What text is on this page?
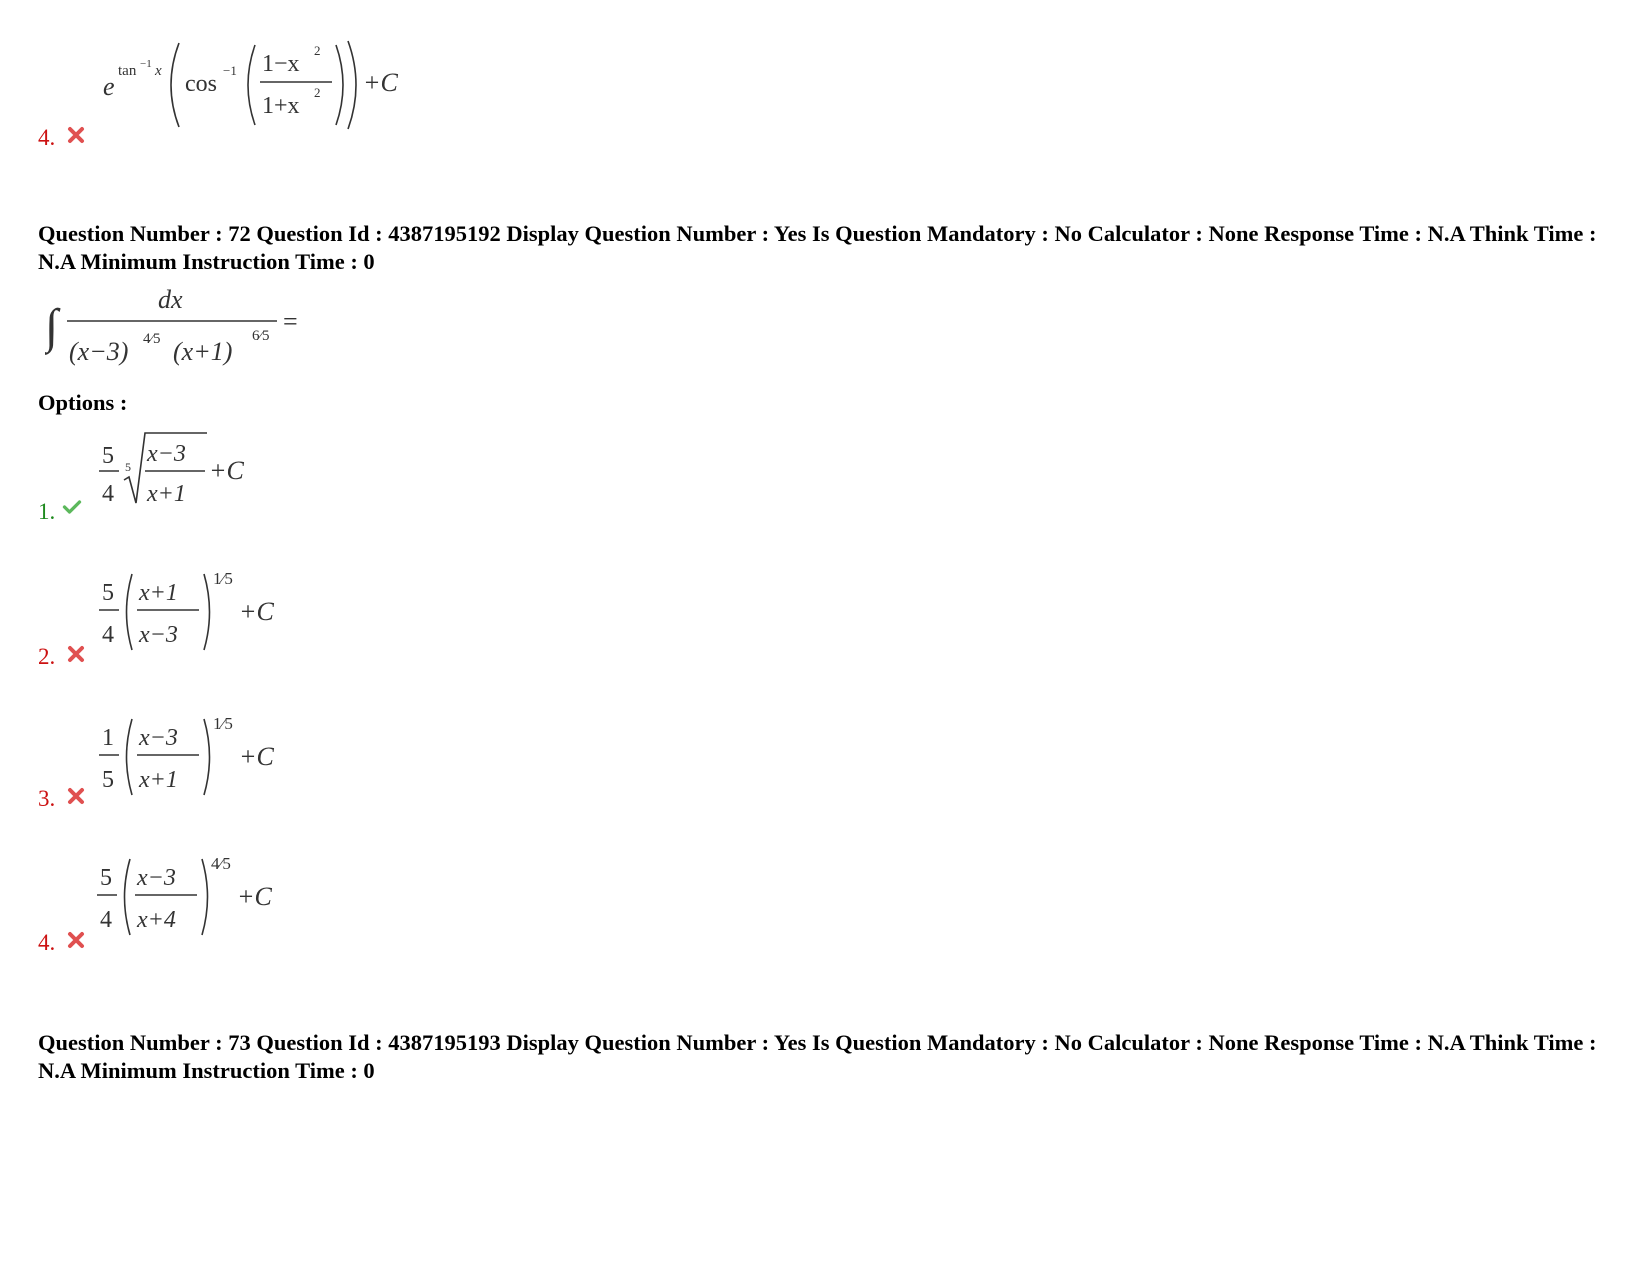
e
tan −1 x cos
−1 1−x
2
1+x
2 +C
4.
Question Number : 72 Question Id : 4387195192 Display Question Number : Yes Is Question Mandatory : No Calculator : None Response Time : N.A Think Time : N.A Minimum Instruction Time : 0
∫
dx
(x−3) 4⁄5 (x+1)
6⁄5 =
Options :
5
4
5 x−3
x+1
+C
1.
5
4
x+1
x−3
1⁄5
+C
2.
1
5
x−3
x+1
1⁄5
+C
3.
5
4
x−3
x+4
4⁄5
+C
4.
Question Number : 73 Question Id : 4387195193 Display Question Number : Yes Is Question Mandatory : No Calculator : None Response Time : N.A Think Time : N.A Minimum Instruction Time : 0
